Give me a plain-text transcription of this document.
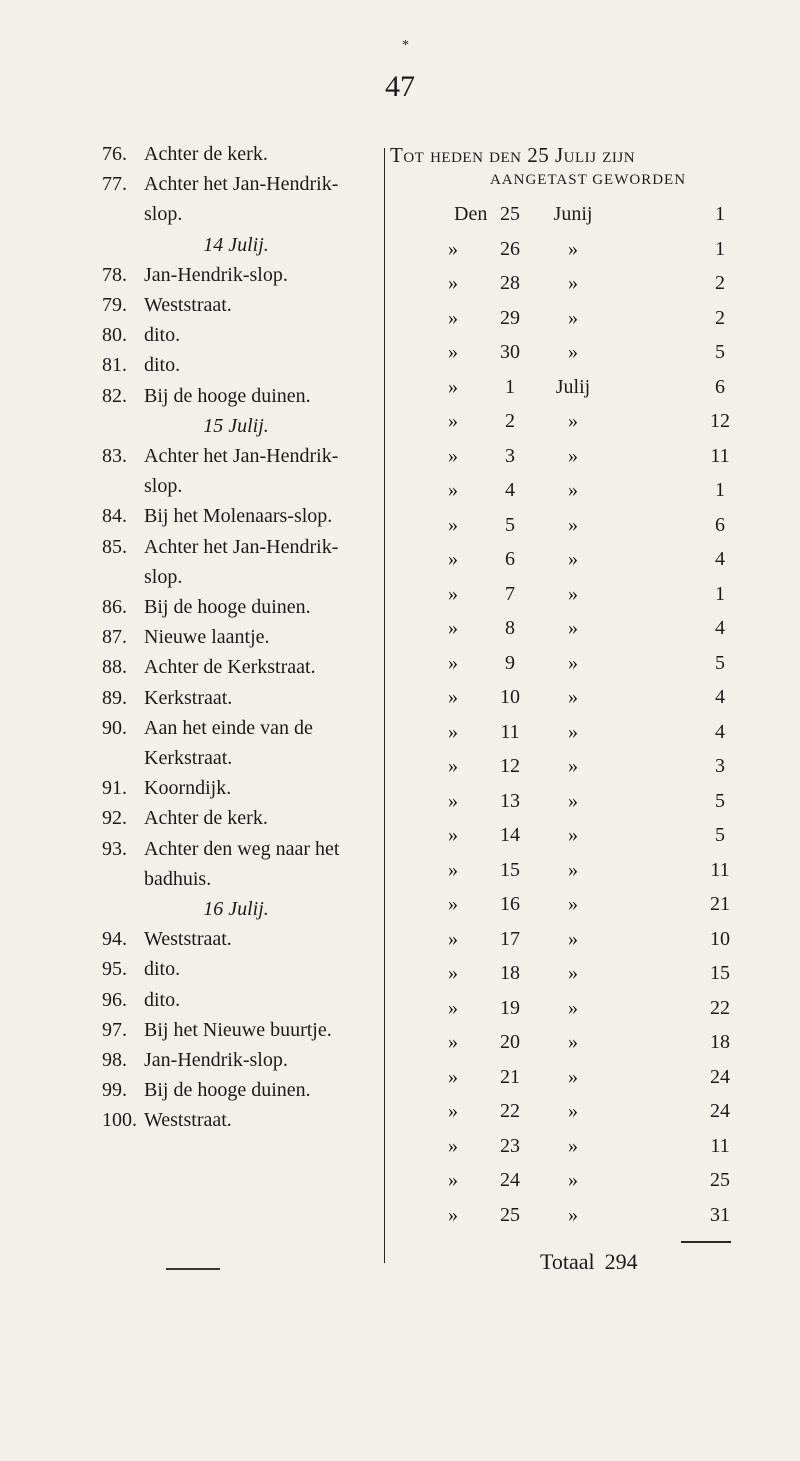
*
47
76. Achter de kerk.
77. Achter het Jan-Hendrik-
slop.
14 Julij.
78. Jan-Hendrik-slop.
79. Weststraat.
80. dito.
81. dito.
82. Bij de hooge duinen.
15 Julij.
83. Achter het Jan-Hendrik-
slop.
84. Bij het Molenaars-slop.
85. Achter het Jan-Hendrik-
slop.
86. Bij de hooge duinen.
87. Nieuwe laantje.
88. Achter de Kerkstraat.
89. Kerkstraat.
90. Aan het einde van de
Kerkstraat.
91. Koorndijk.
92. Achter de kerk.
93. Achter den weg naar het
badhuis.
16 Julij.
94. Weststraat.
95. dito.
96. dito.
97. Bij het Nieuwe buurtje.
98. Jan-Hendrik-slop.
99. Bij de hooge duinen.
100. Weststraat.
Tot heden den 25 Julij zijn
AANGETAST GEWORDEN
Den 25	Junij	1
»	26	»	1
»	28	»	2
»	29	»	2
»	30	»	5
»	1	Julij	6
»	2	»	12
»	3	»	11
»	4	»	1
»	5	»	6
»	6	»	4
»	7	»	1
»	8	»	4
»	9	»	5
»	10	»	4
»	11	»	4
»	12	»	3
»	13	»	5
»	14	»	5
»	15	»	11
»	16	»	21
»	17	»	10
»	18	»	15
»	19	»	22
»	20	»	18
»	21	»	24
»	22	»	24
»	23	»	11
»	24	»	25
»	25	»	31
Totaal 294
